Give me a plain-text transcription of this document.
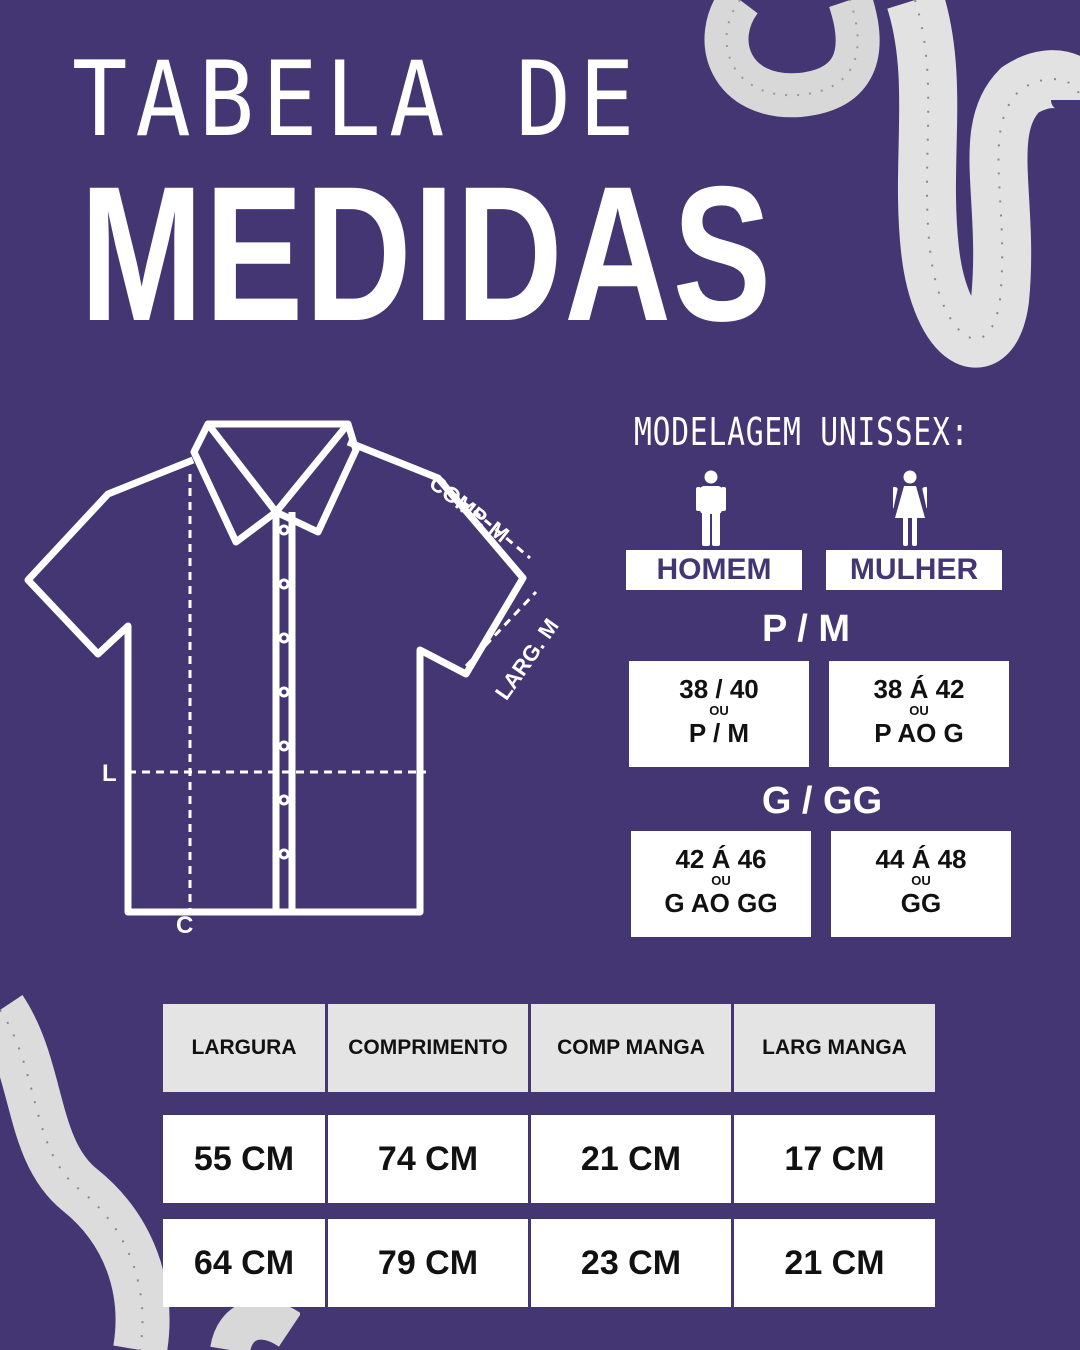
TABELA DE
MEDIDAS
L
C
COMP. M
LARG. M
MODELAGEM UNISSEX:
HOMEM	MULHER
P / M
38 / 40
OU
P / M
38 Á 42
OU
P AO G
G / GG
42 Á 46
OU
G AO GG
44 Á 48
OU
GG
LARGURA	COMPRIMENTO	COMP MANGA	LARG MANGA
55 CM	74 CM	21 CM	17 CM
64 CM	79 CM	23 CM	21 CM
